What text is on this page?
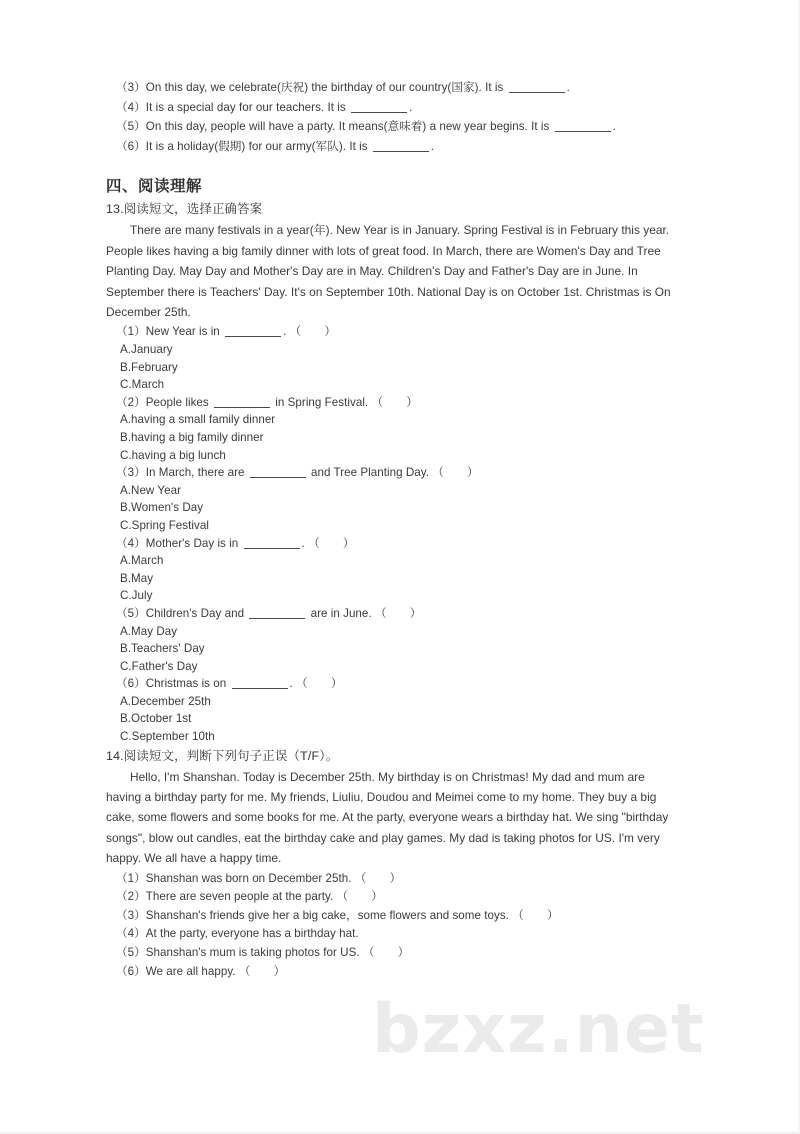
（3）On this day, we celebrate(庆祝) the birthday of our country(国家). It is	.
（4）It is a special day for our teachers. It is	.
（5）On this day, people will have a party. It means(意味着) a new year begins. It is	.
（6）It is a holiday(假期) for our army(军队). It is	.
四、阅读理解
13.阅读短文，选择正确答案
There are many festivals in a year(年). New Year is in January. Spring Festival is in February this year. People likes having a big family dinner with lots of great food. In March, there are Women's Day and Tree Planting Day. May Day and Mother's Day are in May. Children's Day and Father's Day are in June. In September there is Teachers' Day. It's on September 10th. National Day is on October 1st. Christmas is On December 25th.
（1）New Year is in	. （  ）
A.January
B.February
C.March
（2）People likes	in Spring Festival. （  ）
A.having a small family dinner
B.having a big family dinner
C.having a big lunch
（3）In March, there are	and Tree Planting Day. （  ）
A.New Year
B.Women's Day
C.Spring Festival
（4）Mother's Day is in	. （  ）
A.March
B.May
C.July
（5）Children's Day and	are in June. （  ）
A.May Day
B.Teachers' Day
C.Father's Day
（6）Christmas is on	. （  ）
A.December 25th
B.October 1st
C.September 10th
14.阅读短文，判断下列句子正误（T/F）。
Hello, I'm Shanshan. Today is December 25th. My birthday is on Christmas! My dad and mum are having a birthday party for me. My friends, Liuliu, Doudou and Meimei come to my home. They buy a big cake, some flowers and some books for me. At the party, everyone wears a birthday hat. We sing "birthday songs", blow out candles, eat the birthday cake and play games. My dad is taking photos for US. I'm very happy. We all have a happy time.
（1）Shanshan was born on December 25th. （  ）
（2）There are seven people at the party. （  ）
（3）Shanshan's friends give her a big cake，some flowers and some toys. （  ）
（4）At the party, everyone has a birthday hat.
（5）Shanshan's mum is taking photos for US. （  ）
（6）We are all happy. （  ）
bzxz.net
